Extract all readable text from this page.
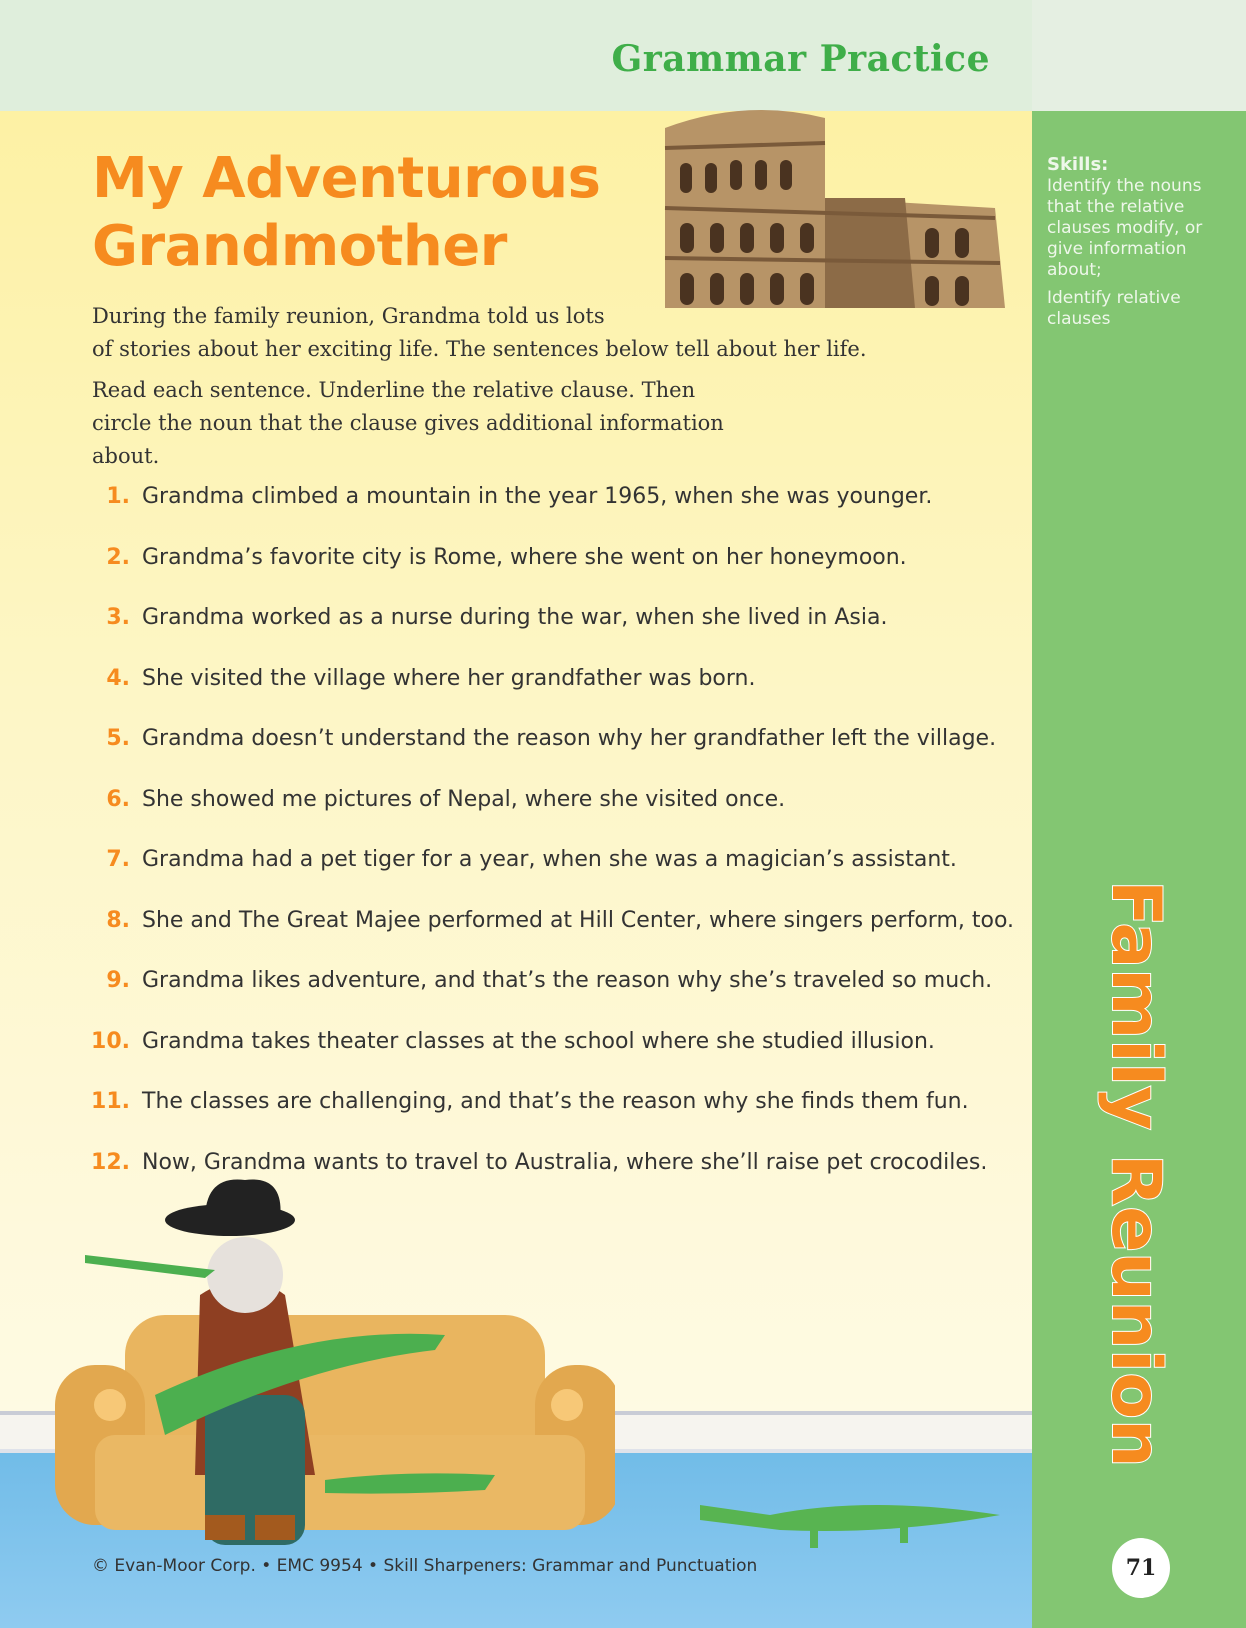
Grammar Practice
Skills:

Identify the nouns that the relative clauses modify, or give information about;

Identify relative clauses

Family Reunion
71
My Adventurous
Grandmother

During the family reunion, Grandma told us lots
of stories about her exciting life. The sentences below tell about her life.

Read each sentence. Underline the relative clause. Then circle the noun that the clause gives additional information about.

1. Grandma climbed a mountain in the year 1965, when she was younger.
2. Grandma’s favorite city is Rome, where she went on her honeymoon.
3. Grandma worked as a nurse during the war, when she lived in Asia.
4. She visited the village where her grandfather was born.
5. Grandma doesn’t understand the reason why her grandfather left the village.
6. She showed me pictures of Nepal, where she visited once.
7. Grandma had a pet tiger for a year, when she was a magician’s assistant.
8. She and The Great Majee performed at Hill Center, where singers perform, too.
9. Grandma likes adventure, and that’s the reason why she’s traveled so much.
10. Grandma takes theater classes at the school where she studied illusion.
11. The classes are challenging, and that’s the reason why she finds them fun.
12. Now, Grandma wants to travel to Australia, where she’ll raise pet crocodiles.
© Evan-Moor Corp. • EMC 9954 • Skill Sharpeners: Grammar and Punctuation
